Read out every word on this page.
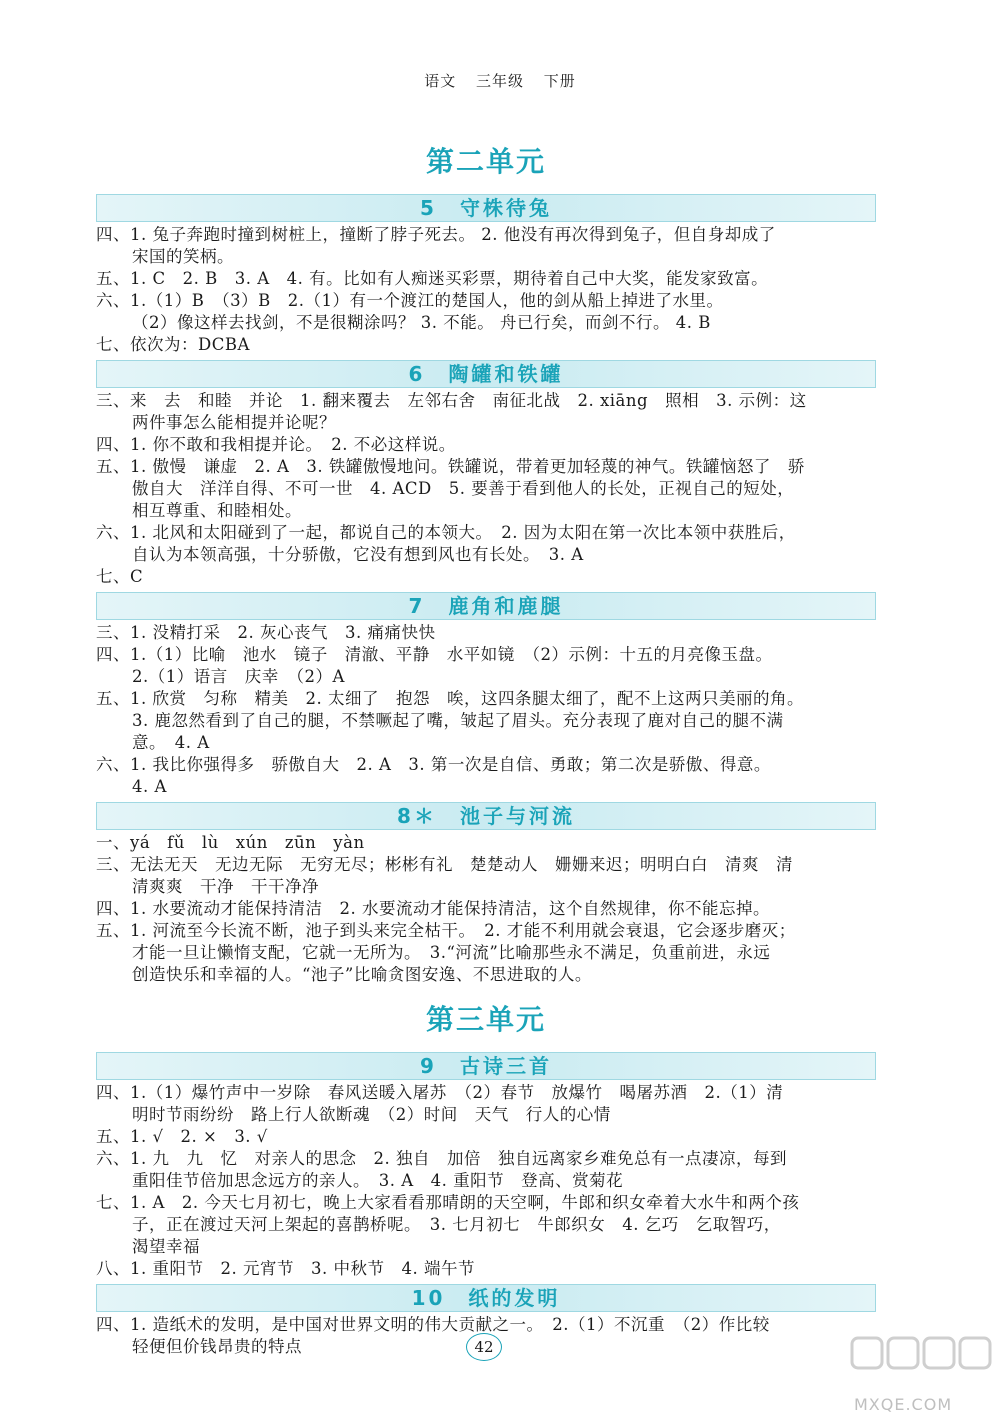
语文 三年级 下册
第二单元
5　守株待兔
四、1. 兔子奔跑时撞到树桩上，撞断了脖子死去。 2. 他没有再次得到兔子，但自身却成了
宋国的笑柄。
五、1. C　2. B　3. A　4. 有。比如有人痴迷买彩票，期待着自己中大奖，能发家致富。
六、1.（1）B　（3）B　2.（1）有一个渡江的楚国人，他的剑从船上掉进了水里。
（2）像这样去找剑，不是很糊涂吗？ 3. 不能。 舟已行矣，而剑不行。 4. B
七、依次为：DCBA
6　陶罐和铁罐
三、来　去　和睦　并论　1. 翻来覆去　左邻右舍　南征北战　2. xiāng　照相　3. 示例：这
两件事怎么能相提并论呢？
四、1. 你不敢和我相提并论。　2. 不必这样说。
五、1. 傲慢　谦虚　2. A　3. 铁罐傲慢地问。铁罐说，带着更加轻蔑的神气。铁罐恼怒了　骄
傲自大　洋洋自得、不可一世　4. ACD　5. 要善于看到他人的长处，正视自己的短处，
相互尊重、和睦相处。
六、1. 北风和太阳碰到了一起，都说自己的本领大。　2. 因为太阳在第一次比本领中获胜后，
自认为本领高强，十分骄傲，它没有想到风也有长处。　3. A
七、C
7　鹿角和鹿腿
三、1. 没精打采　2. 灰心丧气　3. 痛痛快快
四、1.（1）比喻　池水　镜子　清澈、平静　水平如镜　（2）示例：十五的月亮像玉盘。
2.（1）语言　庆幸　（2）A
五、1. 欣赏　匀称　精美　2. 太细了　抱怨　唉，这四条腿太细了，配不上这两只美丽的角。
3. 鹿忽然看到了自己的腿，不禁噘起了嘴，皱起了眉头。充分表现了鹿对自己的腿不满
意。　4. A
六、1. 我比你强得多　骄傲自大　2. A　3. 第一次是自信、勇敢；第二次是骄傲、得意。
4. A
8＊　池子与河流
一、yá　fǔ　lù　xún　zūn　yàn
三、无法无天　无边无际　无穷无尽；彬彬有礼　楚楚动人　姗姗来迟；明明白白　清爽　清
清爽爽　干净　干干净净
四、1. 水要流动才能保持清洁　2. 水要流动才能保持清洁，这个自然规律，你不能忘掉。
五、1. 河流至今长流不断，池子到头来完全枯干。　2. 才能不利用就会衰退，它会逐步磨灭；
才能一旦让懒惰支配，它就一无所为。　3.“河流”比喻那些永不满足，负重前进，永远
创造快乐和幸福的人。“池子”比喻贪图安逸、不思进取的人。
第三单元
9　古诗三首
四、1.（1）爆竹声中一岁除　春风送暖入屠苏　（2）春节　放爆竹　喝屠苏酒　2.（1）清
明时节雨纷纷　路上行人欲断魂　（2）时间　天气　行人的心情
五、1. √　2. ×　3. √
六、1. 九　九　忆　对亲人的思念　2. 独自　加倍　独自远离家乡难免总有一点凄凉，每到
重阳佳节倍加思念远方的亲人。　3. A　4. 重阳节　登高、赏菊花
七、1. A　2. 今天七月初七，晚上大家看看那晴朗的天空啊，牛郎和织女牵着大水牛和两个孩
子，正在渡过天河上架起的喜鹊桥呢。　3. 七月初七　牛郎织女　4. 乞巧　乞取智巧，
渴望幸福
八、1. 重阳节　2. 元宵节　3. 中秋节　4. 端午节
10　纸的发明
四、1. 造纸术的发明，是中国对世界文明的伟大贡献之一。　2.（1）不沉重　（2）作比较
轻便但价钱昂贵的特点	42
MXQE.COM
